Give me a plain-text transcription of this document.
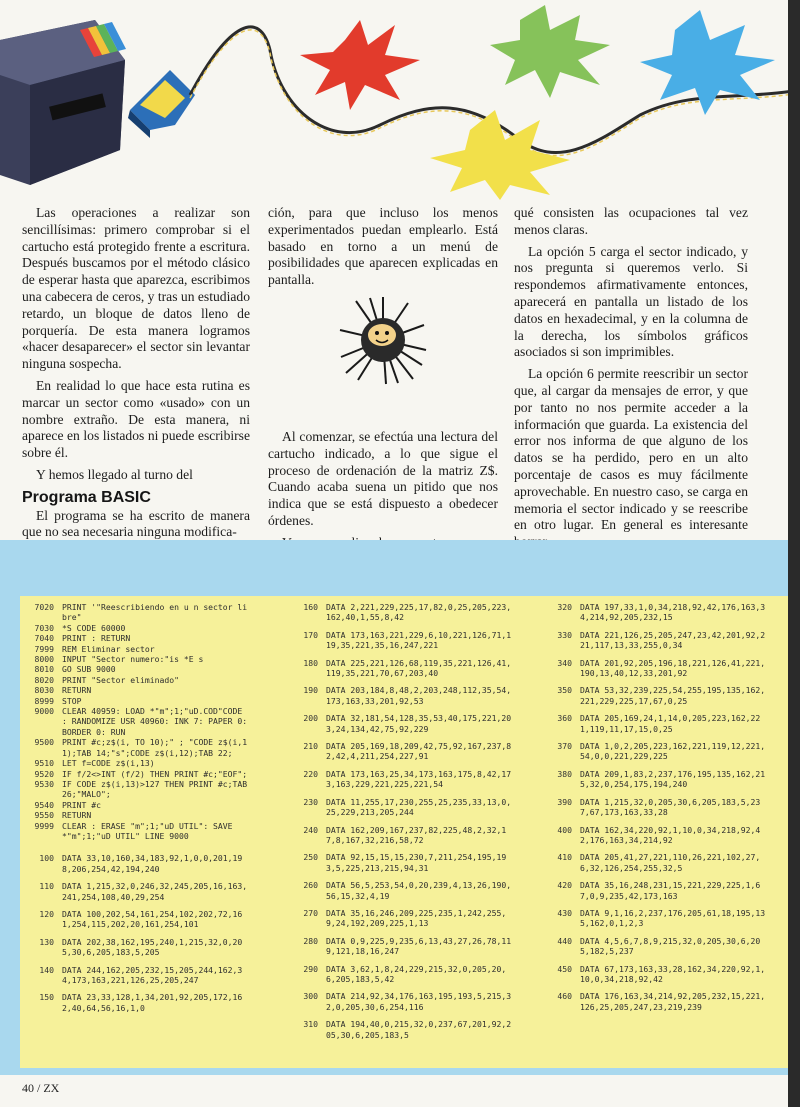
Las operaciones a realizar son sencillísimas: primero comprobar si el cartucho está protegido frente a escritura. Después buscamos por el método clásico de esperar hasta que aparezca, escribimos una cabecera de ceros, y tras un estudiado retardo, un bloque de datos lleno de porquería. De esta manera logramos «hacer desaparecer» el sector sin levantar ninguna sospecha.

En realidad lo que hace esta rutina es marcar un sector como «usado» con un nombre extraño. De esta manera, ni aparece en los listados ni puede escribirse sobre él.

Y hemos llegado al turno del

Programa BASIC

El programa se ha escrito de manera que no sea necesaria ninguna modifica-

ción, para que incluso los menos experimentados puedan emplearlo. Está basado en torno a un menú de posibilidades que aparecen explicadas en pantalla.

Al comenzar, se efectúa una lectura del cartucho indicado, a lo que sigue el proceso de ordenación de la matriz Z$. Cuando acaba suena un pitido que nos indica que se está dispuesto a obedecer órdenes.

qué consisten las ocupaciones tal vez menos claras.

La opción 5 carga el sector indicado, y nos pregunta si queremos verlo. Si respondemos afirmativamente entonces, aparecerá en pantalla un listado de los datos en hexadecimal, y en la columna de la derecha, los símbolos gráficos asociados si son imprimibles.

La opción 6 permite reescribir un sector que, al cargar da mensajes de error, y que por tanto no nos permite acceder a la información que guarda. La existencia del error nos informa de que alguno de los datos se ha perdido, pero en un alto porcentaje de casos es muy fácilmente aprovechable. En nuestro caso, se carga en memoria el sector indicado y se reescribe en otro lugar. En general es interesante

7020 PRINT '"Reescribiendo en u n sector libre"
7030 *S CODE 60000
7040 PRINT : RETURN
7999 REM Eliminar sector
8000 INPUT "Sector numero:"is *E s
8010 GO SUB 9000
8020 PRINT "Sector eliminado"
8030 RETURN
8999 STOP
9000 CLEAR 40959: LOAD *"m";1;"uD.COD"CODE : RANDOMIZE USR 40960: INK 7: PAPER 0: BORDER 0: RUN
9500 PRINT #c;z$(i, TO 10);" ; "CODE z$(i,11);TAB 14;"s";CODE z$(i,12);TAB 22;
9510 LET f=CODE z$(i,13)
9520 IF f/2<>INT (f/2) THEN PRINT #c;"EOF";
9530 IF CODE z$(i,13)>127 THEN PRINT #c;TAB 26;"MALO";
9540 PRINT #c
9550 RETURN
9999 CLEAR : ERASE "m";1;"uD UTIL": SAVE *"m";1;"uD UTIL" LINE 9000
100 DATA 33,10,160,34,183,92,1,0,0,201,198,206,254,42,194,240
110 DATA 1,215,32,0,246,32,245,205,16,163,241,254,108,40,29,254
120 DATA 100,202,54,161,254,102,202,72,161,254,115,202,20,161,254,101
130 DATA 202,38,162,195,240,1,215,32,0,205,30,6,205,183,5,205
140 DATA 244,162,205,232,15,205,244,162,34,173,163,221,126,25,205,247
150 DATA 23,33,128,1,34,201,92,205,172,162,40,64,56,16,1,0
160 DATA 2,221,229,225,17,82,0,25,205,223,162,40,1,55,8,42
170 DATA 173,163,221,229,6,10,221,126,71,119,35,221,35,16,247,221
180 DATA 225,221,126,68,119,35,221,126,41,119,35,221,70,67,203,40
190 DATA 203,184,8,48,2,203,248,112,35,54,173,163,33,201,92,53
200 DATA 32,181,54,128,35,53,40,175,221,203,24,134,42,75,92,229
210 DATA 205,169,18,209,42,75,92,167,237,82,42,4,211,254,227,91
220 DATA 173,163,25,34,173,163,175,8,42,173,163,229,221,225,221,54
230 DATA 11,255,17,230,255,25,235,33,13,0,25,229,213,205,244
240 DATA 162,209,167,237,82,225,48,2,32,17,8,167,32,216,58,72
250 DATA 92,15,15,15,230,7,211,254,195,193,5,225,213,215,94,31
260 DATA 56,5,253,54,0,20,239,4,13,26,190,56,15,32,4,19
270 DATA 35,16,246,209,225,235,1,242,255,9,24,192,209,225,1,13
280 DATA 0,9,225,9,235,6,13,43,27,26,78,119,121,18,16,247
290 DATA 3,62,1,8,24,229,215,32,0,205,20,6,205,183,5,42
300 DATA 214,92,34,176,163,195,193,5,215,32,0,205,30,6,254,116
310 DATA 194,40,0,215,32,0,237,67,201,92,205,30,6,205,183,5
320 DATA 197,33,1,0,34,218,92,42,176,163,34,214,92,205,232,15
330 DATA 221,126,25,205,247,23,42,201,92,221,117,13,33,255,0,34
340 DATA 201,92,205,196,18,221,126,41,221,190,13,40,12,33,201,92
350 DATA 53,32,239,225,54,255,195,135,162,221,229,225,17,67,0,25
360 DATA 205,169,24,1,14,0,205,223,162,221,119,11,17,15,0,25
370 DATA 1,0,2,205,223,162,221,119,12,221,54,0,0,221,229,225
380 DATA 209,1,83,2,237,176,195,135,162,215,32,0,254,175,194,240
390 DATA 1,215,32,0,205,30,6,205,183,5,237,67,173,163,33,28
400 DATA 162,34,220,92,1,10,0,34,218,92,42,176,163,34,214,92
410 DATA 205,41,27,221,110,26,221,102,27,6,32,126,254,255,32,5
420 DATA 35,16,248,231,15,221,229,225,1,67,0,9,235,42,173,163
430 DATA 9,1,16,2,237,176,205,61,18,195,135,162,0,1,2,3
440 DATA 4,5,6,7,8,9,215,32,0,205,30,6,205,182,5,237
450 DATA 67,173,163,33,28,162,34,220,92,1,10,0,34,218,92,42
460 DATA 176,163,34,214,92,205,232,15,221,126,25,205,247,23,219,239
40 / ZX
